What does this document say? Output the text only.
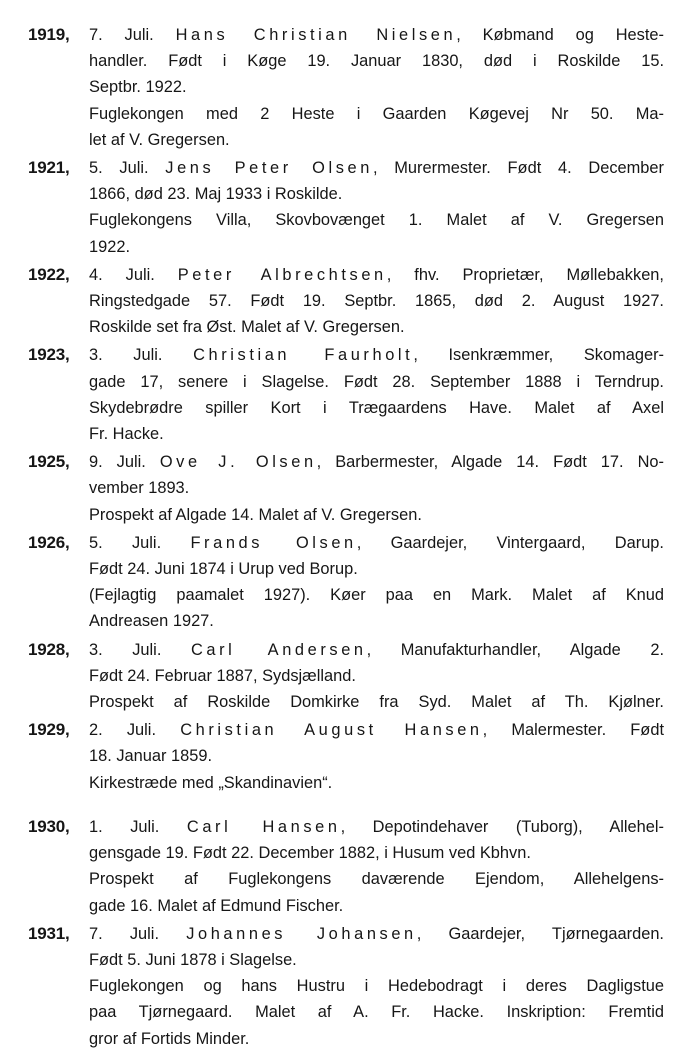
1919,	7. Juli. Hans Christian Nielsen, Købmand og Heste-
handler. Født i Køge 19. Januar 1830, død i Roskilde 15.
Septbr. 1922.
Fuglekongen med 2 Heste i Gaarden Køgevej Nr 50. Ma-
let af V. Gregersen.
1921,	5. Juli. Jens Peter Olsen, Murermester. Født 4. December
1866, død 23. Maj 1933 i Roskilde.
Fuglekongens Villa, Skovbovænget 1. Malet af V. Gregersen
1922.
1922,	4. Juli. Peter Albrechtsen, fhv. Proprietær, Møllebakken,
Ringstedgade 57. Født 19. Septbr. 1865, død 2. August 1927.
Roskilde set fra Øst. Malet af V. Gregersen.
1923,	3. Juli. Christian Faurholt, Isenkræmmer, Skomager-
gade 17, senere i Slagelse. Født 28. September 1888 i Terndrup.
Skydebrødre spiller Kort i Trægaardens Have. Malet af Axel
Fr. Hacke.
1925,	9. Juli. Ove J. Olsen, Barbermester, Algade 14. Født 17. No-
vember 1893.
Prospekt af Algade 14. Malet af V. Gregersen.
1926,	5. Juli. Frands Olsen, Gaardejer, Vintergaard, Darup.
Født 24. Juni 1874 i Urup ved Borup.
(Fejlagtig paamalet 1927). Køer paa en Mark. Malet af Knud
Andreasen 1927.
1928,	3. Juli. Carl Andersen, Manufakturhandler, Algade 2.
Født 24. Februar 1887, Sydsjælland.
Prospekt af Roskilde Domkirke fra Syd. Malet af Th. Kjølner.
1929,	2. Juli. Christian August Hansen, Malermester. Født
18. Januar 1859.
Kirkestræde med „Skandinavien“.
1930,	1. Juli. Carl Hansen, Depotindehaver (Tuborg), Allehel-
gensgade 19. Født 22. December 1882, i Husum ved Kbhvn.
Prospekt af Fuglekongens daværende Ejendom, Allehelgens-
gade 16. Malet af Edmund Fischer.
1931,	7. Juli. Johannes Johansen, Gaardejer, Tjørnegaarden.
Født 5. Juni 1878 i Slagelse.
Fuglekongen og hans Hustru i Hedebodragt i deres Dagligstue
paa Tjørnegaard. Malet af A. Fr. Hacke. Inskription: Fremtid
gror af Fortids Minder.
